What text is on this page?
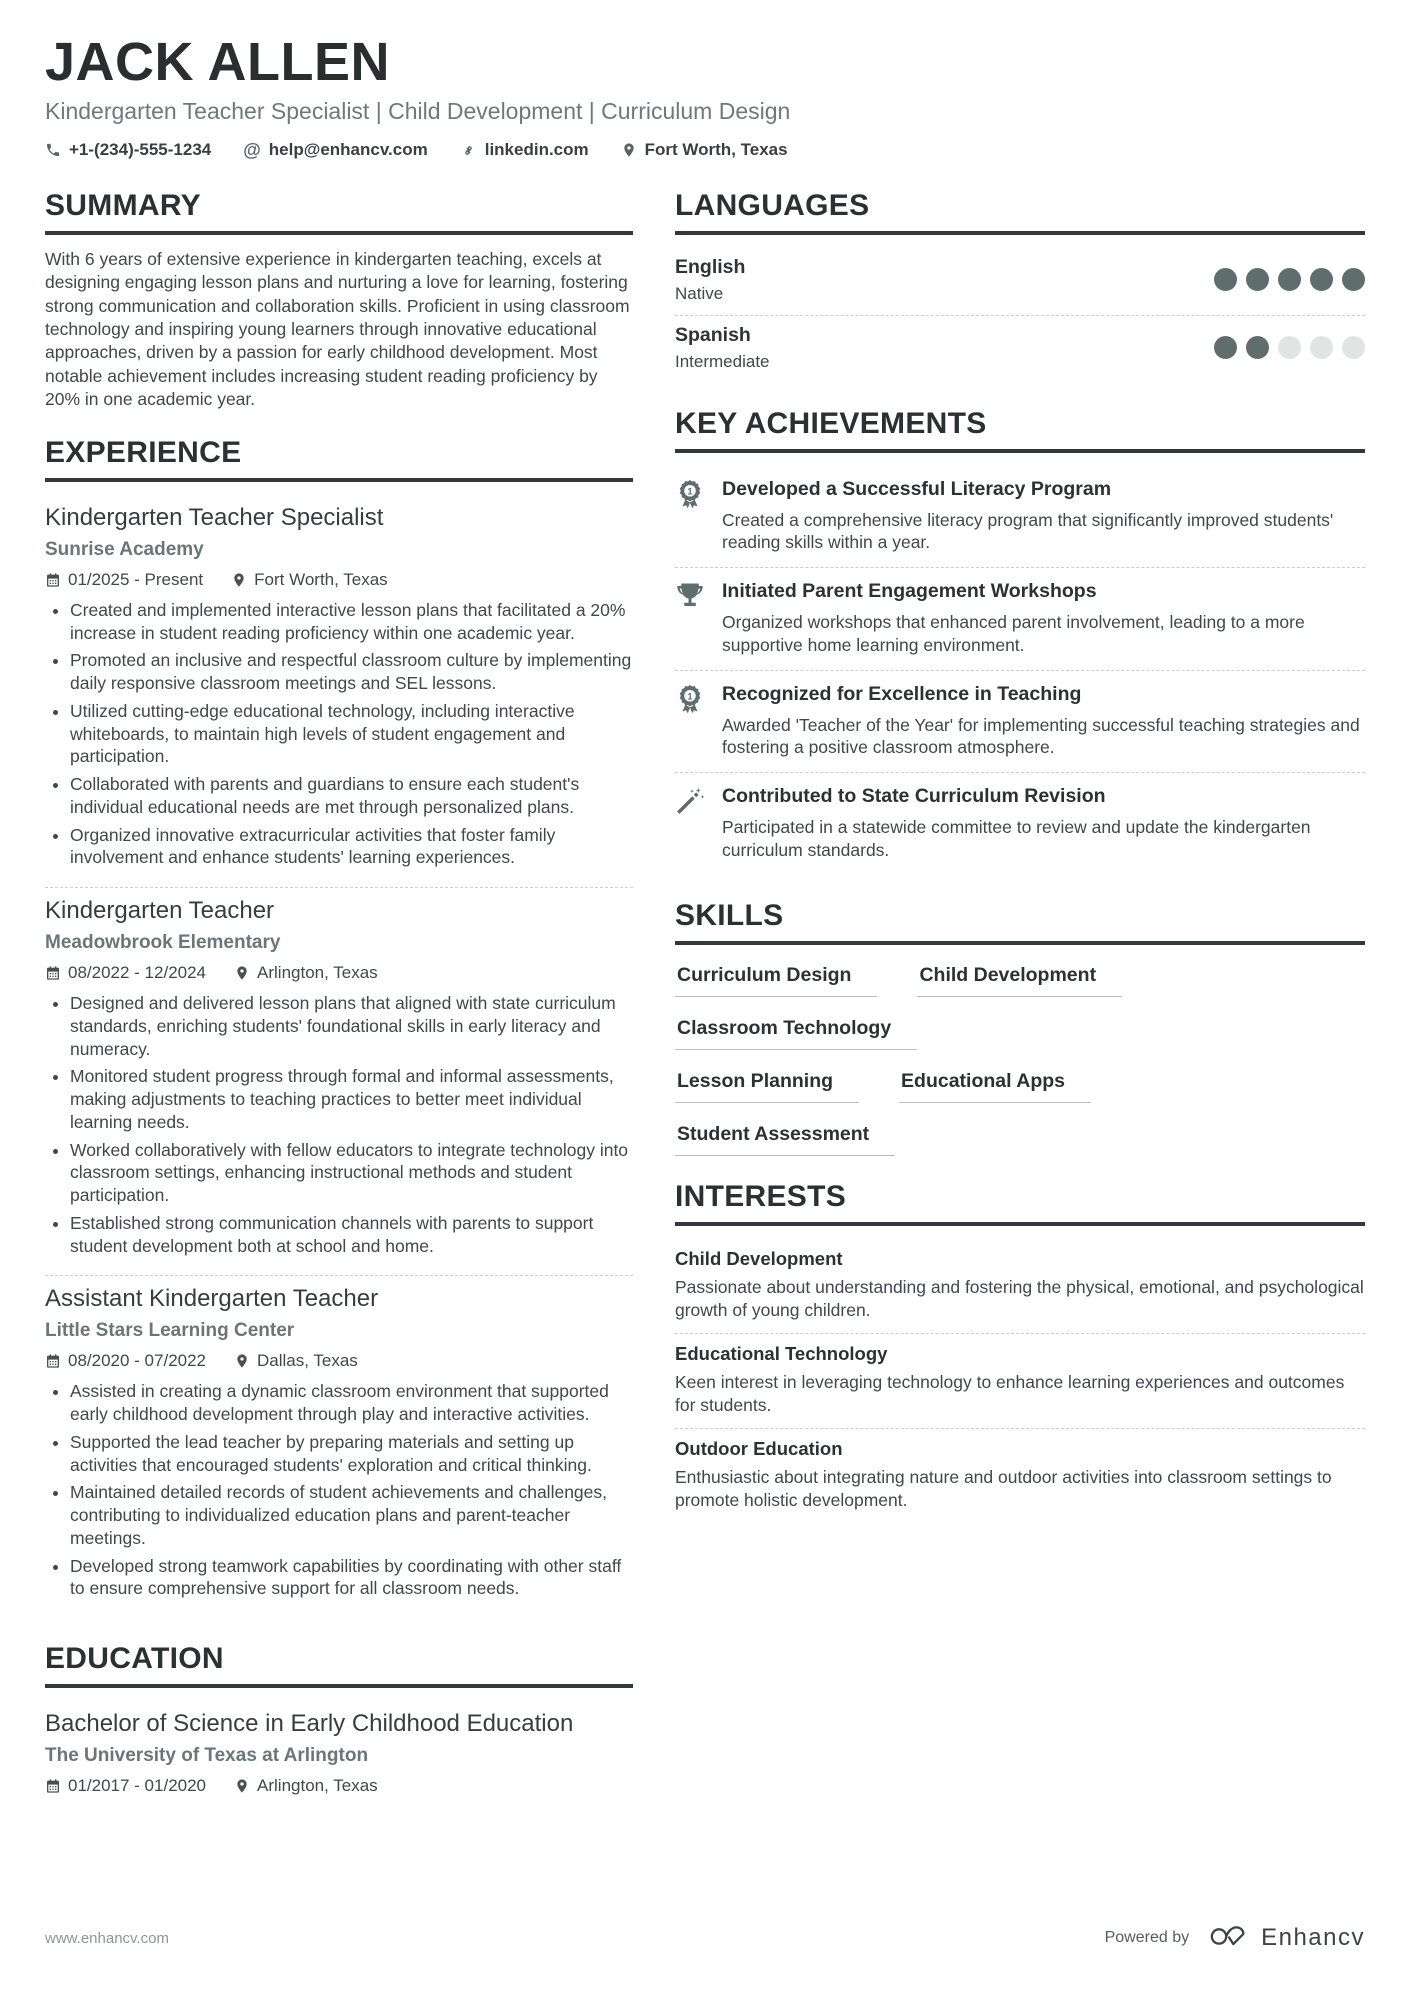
JACK ALLEN
Kindergarten Teacher Specialist | Child Development | Curriculum Design
+1-(234)-555-1234 @ help@enhancv.com	linkedin.com	Fort Worth, Texas
SUMMARY
With 6 years of extensive experience in kindergarten teaching, excels at designing engaging lesson plans and nurturing a love for learning, fostering strong communication and collaboration skills. Proficient in using classroom technology and inspiring young learners through innovative educational approaches, driven by a passion for early childhood development. Most notable achievement includes increasing student reading proficiency by 20% in one academic year.
EXPERIENCE
Kindergarten Teacher Specialist
Sunrise Academy
01/2025 - Present	Fort Worth, Texas
• Created and implemented interactive lesson plans that facilitated a 20% increase in student reading proficiency within one academic year.
• Promoted an inclusive and respectful classroom culture by implementing daily responsive classroom meetings and SEL lessons.
• Utilized cutting-edge educational technology, including interactive whiteboards, to maintain high levels of student engagement and participation.
• Collaborated with parents and guardians to ensure each student's individual educational needs are met through personalized plans.
• Organized innovative extracurricular activities that foster family involvement and enhance students' learning experiences.
Kindergarten Teacher
Meadowbrook Elementary
08/2022 - 12/2024	Arlington, Texas
• Designed and delivered lesson plans that aligned with state curriculum standards, enriching students' foundational skills in early literacy and numeracy.
• Monitored student progress through formal and informal assessments, making adjustments to teaching practices to better meet individual learning needs.
• Worked collaboratively with fellow educators to integrate technology into classroom settings, enhancing instructional methods and student participation.
• Established strong communication channels with parents to support student development both at school and home.
Assistant Kindergarten Teacher
Little Stars Learning Center
08/2020 - 07/2022	Dallas, Texas
• Assisted in creating a dynamic classroom environment that supported early childhood development through play and interactive activities.
• Supported the lead teacher by preparing materials and setting up activities that encouraged students' exploration and critical thinking.
• Maintained detailed records of student achievements and challenges, contributing to individualized education plans and parent-teacher meetings.
• Developed strong teamwork capabilities by coordinating with other staff to ensure comprehensive support for all classroom needs.
EDUCATION
Bachelor of Science in Early Childhood Education
The University of Texas at Arlington
01/2017 - 01/2020	Arlington, Texas
LANGUAGES
English
Native
Spanish
Intermediate
KEY ACHIEVEMENTS
1 Developed a Successful Literacy Program
Created a comprehensive literacy program that significantly improved students' reading skills within a year.
Initiated Parent Engagement Workshops
Organized workshops that enhanced parent involvement, leading to a more supportive home learning environment.
1 Recognized for Excellence in Teaching
Awarded 'Teacher of the Year' for implementing successful teaching strategies and fostering a positive classroom atmosphere.
Contributed to State Curriculum Revision
Participated in a statewide committee to review and update the kindergarten curriculum standards.
SKILLS
Curriculum Design	Child Development
Classroom Technology
Lesson Planning	Educational Apps
Student Assessment
INTERESTS
Child Development
Passionate about understanding and fostering the physical, emotional, and psychological growth of young children.
Educational Technology
Keen interest in leveraging technology to enhance learning experiences and outcomes for students.
Outdoor Education
Enthusiastic about integrating nature and outdoor activities into classroom settings to promote holistic development.
www.enhancv.com	Powered by	Enhancv
